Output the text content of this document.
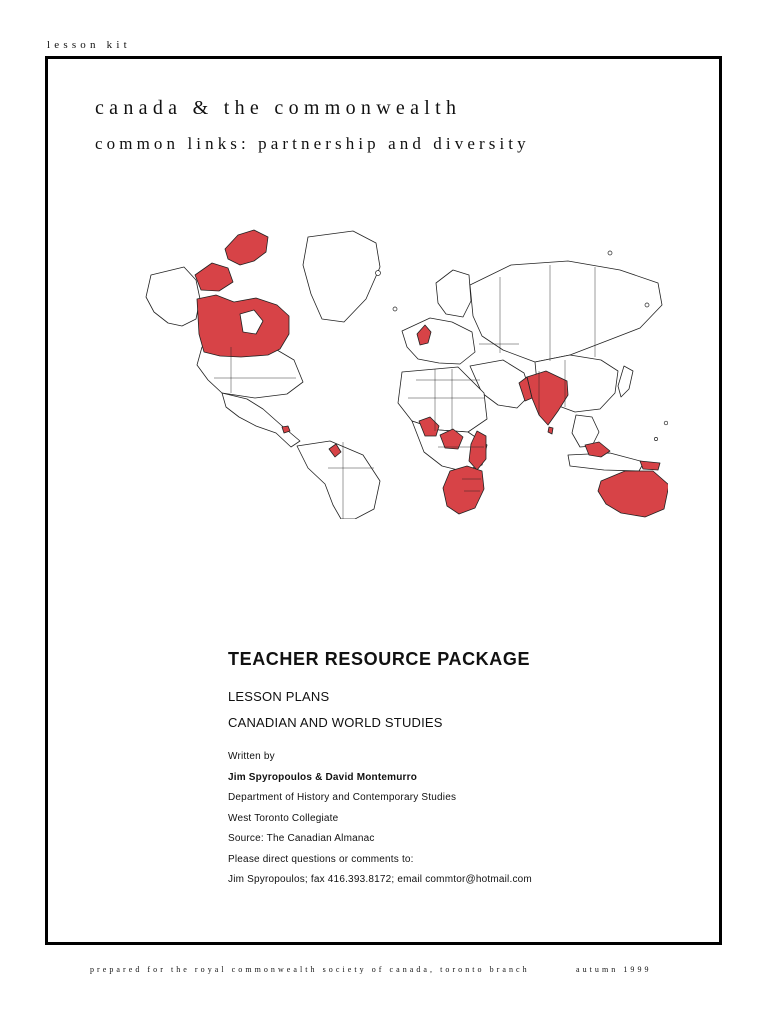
lesson kit
canada & the commonwealth
common links: partnership and diversity
TEACHER RESOURCE PACKAGE
LESSON PLANS
CANADIAN AND WORLD STUDIES
Written by
Jim Spyropoulos & David Montemurro
Department of History and Contemporary Studies
West Toronto Collegiate
Source: The Canadian Almanac
Please direct questions or comments to:
Jim Spyropoulos; fax 416.393.8172; email commtor@hotmail.com
prepared for the royal commonwealth society of canada, toronto branch	autumn 1999
